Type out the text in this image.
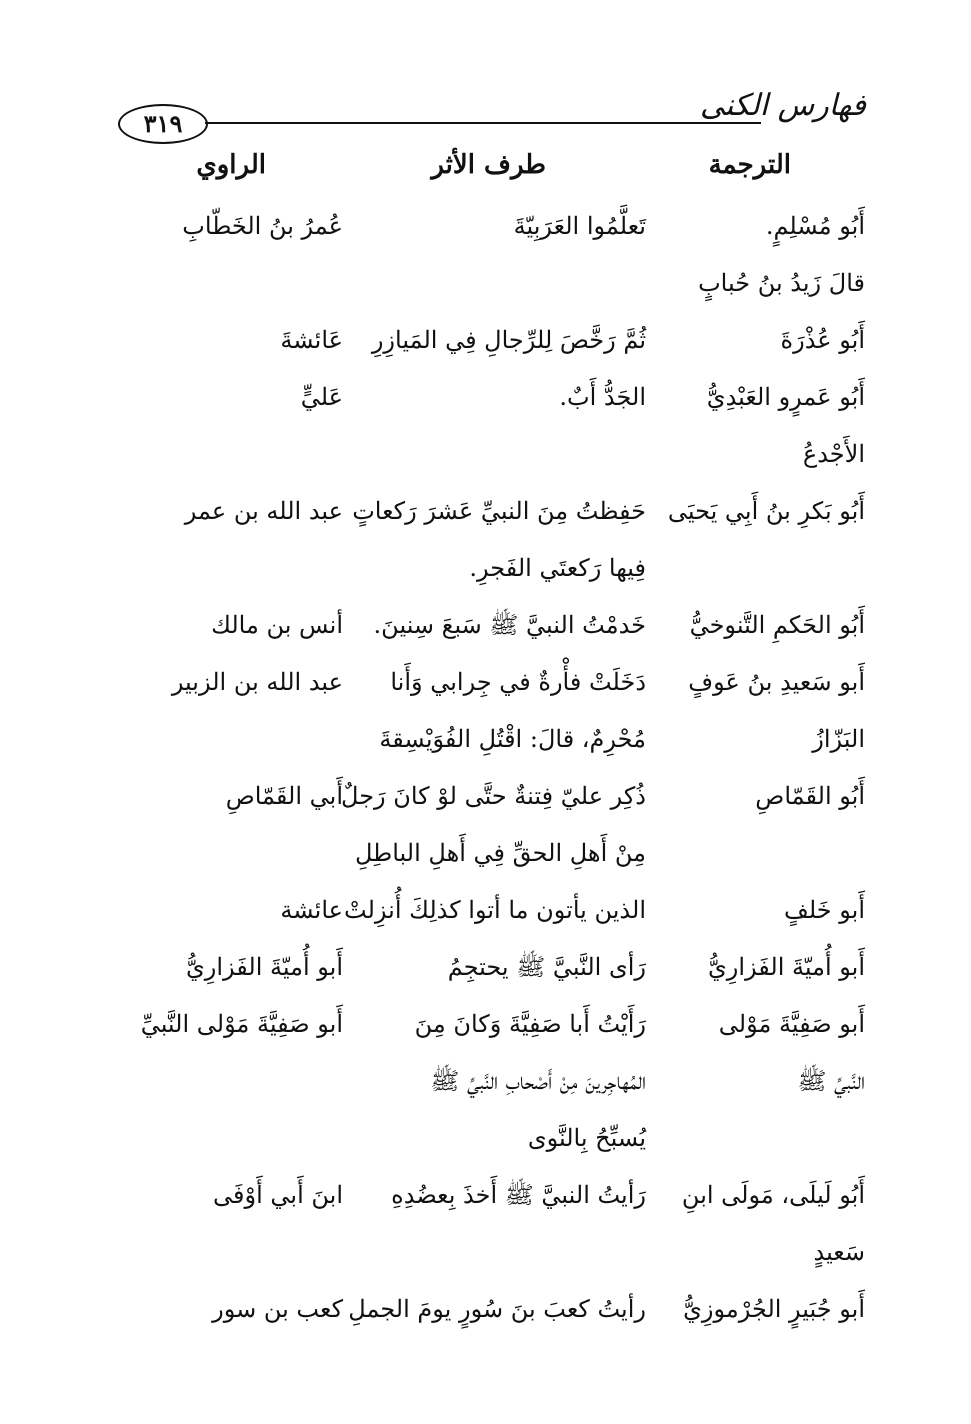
فهارس الكنى
٣١٩
الترجمة
طرف الأثر
الراوي
أَبُو مُسْلِمٍ.
تَعلَّمُوا العَرَبِيّةَ
عُمرُ بنُ الخَطّابِ
قالَ زَيدُ بنُ حُبابٍ
أَبُو عُذْرَةَ
ثُمَّ رَخَّصَ لِلرِّجالِ فِي المَيازِرِ
عَائشةَ
أَبُو عَمرٍو العَبْدِيُّ
الجَدُّ أَبٌ.
عَليٍّ
الأَجْدعُ
أَبُو بَكرِ بنُ أَبِي يَحيَى
حَفِظتُ مِنَ النبيِّ عَشرَ رَكعاتٍ
عبد الله بن عمر
فِيها رَكعتَي الفَجرِ.
أَبُو الحَكمِ التَّنوخيُّ
خَدمْتُ النبيَّ ﷺ سَبعَ سِنينَ.
أنس بن مالك
أَبو سَعيدِ بنُ عَوفٍ
دَخَلَتْ فأْرةٌ في جِرابي وَأَنا
عبد الله بن الزبير
البَزّازُ
مُحْرِمٌ، قالَ: اقْتُلِ الفُوَيْسِقةَ
أَبُو القَمّاصِ
ذُكِر عليّ فِتنةٌ حتَّى لوْ كانَ رَجلٌ
أَبي القَمّاصِ
مِنْ أَهلِ الحقِّ فِي أَهلِ الباطِلِ
أَبو خَلفٍ
الذين يأتون ما أتوا كذلِكَ أُنزِلتْ
عائشة
أَبو أُميّةَ الفَزارِيُّ
رَأى النَّبيَّ ﷺ يحتجِمُ
أَبو أُميّةَ الفَزارِيُّ
أَبو صَفِيَّةَ مَوْلى
رَأَيْتُ أَبا صَفِيَّةَ وَكانَ مِنَ
أَبو صَفِيَّةَ مَوْلى النَّبيِّ
النَّبيِّ ﷺ
المُهاجِرينَ مِنْ أَصْحابِ النَّبيِّ ﷺ
يُسبِّحُ بِالنَّوى
أَبُو لَيلَى، مَولَى ابنِ
رَأيتُ النبيَّ ﷺ أَخذَ بِعضُدِهِ
ابنَ أَبي أَوْفَى
سَعيدٍ
أَبو جُبَيرٍ الجُرْموزِيُّ
رأيتُ كعبَ بنَ سُورٍ يومَ الجملِ
كعب بن سور
